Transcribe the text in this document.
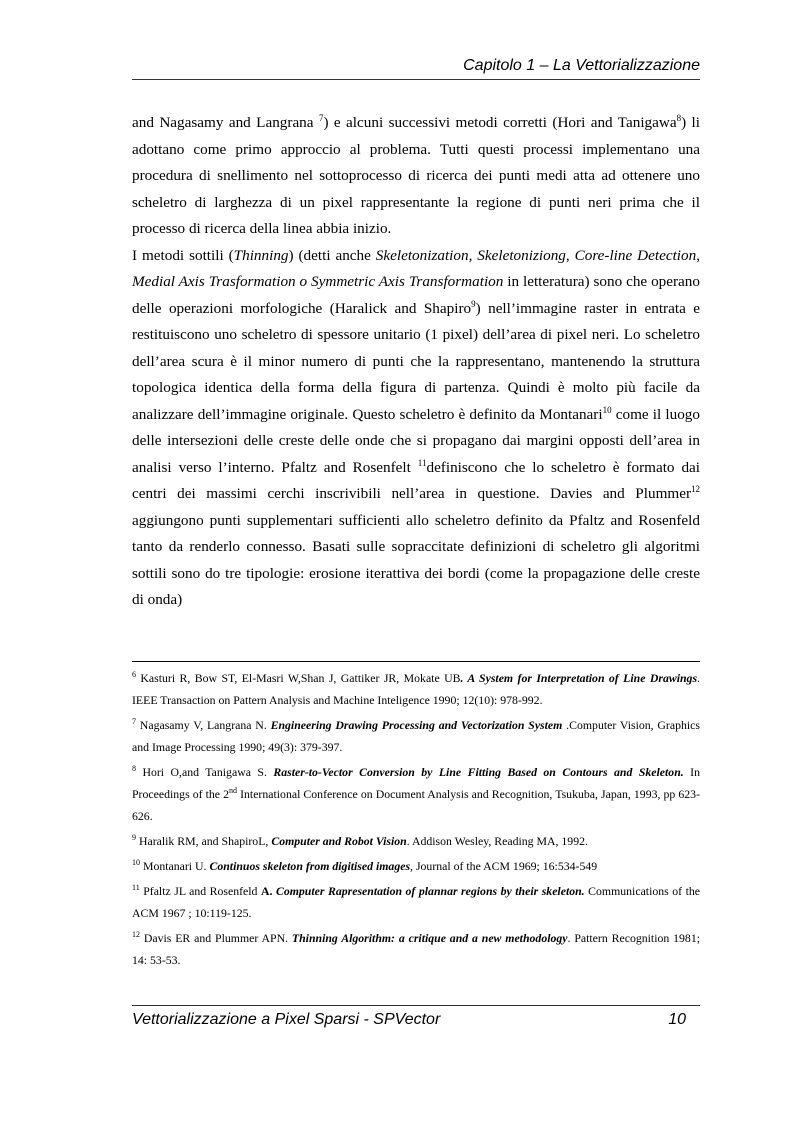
Capitolo 1 – La Vettorializzazione

and Nagasamy and Langrana $^7$) e alcuni successivi metodi corretti (Hori and Tanigawa$^8$) li adottano come primo approccio al problema. Tutti questi processi implementano una procedura di snellimento nel sottoprocesso di ricerca dei punti medi atta ad ottenere uno scheletro di larghezza di un pixel rappresentante la regione di punti neri prima che il processo di ricerca della linea abbia inizio.

I metodi sottili (Thinning) (detti anche Skeletonization, Skeletoniziong, Core-line Detection, Medial Axis Trasformation o Symmetric Axis Transformation in letteratura) sono che operano delle operazioni morfologiche (Haralick and Shapiro$^9$) nell’immagine raster in entrata e restituiscono uno scheletro di spessore unitario (1 pixel) dell’area di pixel neri. Lo scheletro dell’area scura è il minor numero di punti che la rappresentano, mantenendo la struttura topologica identica della forma della figura di partenza. Quindi è molto più facile da analizzare dell’immagine originale. Questo scheletro è definito da Montanari$^{10}$ come il luogo delle intersezioni delle creste delle onde che si propagano dai margini opposti dell’area in analisi verso l’interno. Pfaltz and Rosenfelt $^{11}$definiscono che lo scheletro è formato dai centri dei massimi cerchi inscrivibili nell’area in questione. Davies and Plummer$^{12}$ aggiungono punti supplementari sufficienti allo scheletro definito da Pfaltz and Rosenfeld tanto da renderlo connesso. Basati sulle sopraccitate definizioni di scheletro gli algoritmi sottili sono do tre tipologie: erosione iterattiva dei bordi (come la propagazione delle creste di onda)

$^6$ Kasturi R, Bow ST, El-Masri W,Shan J, Gattiker JR, Mokate UB. A System for Interpretation of Line Drawings. IEEE Transaction on Pattern Analysis and Machine Inteligence 1990; 12(10): 978-992.
$^7$ Nagasamy V, Langrana N. Engineering Drawing Processing and Vectorization System .Computer Vision, Graphics and Image Processing 1990; 49(3): 379-397.
$^8$ Hori O,and Tanigawa S. Raster-to-Vector Conversion by Line Fitting Based on Contours and Skeleton. In Proceedings of the 2nd International Conference on Document Analysis and Recognition, Tsukuba, Japan, 1993, pp 623-626.
$^9$ Haralik RM, and ShapiroL, Computer and Robot Vision. Addison Wesley, Reading MA, 1992.
$^{10}$ Montanari U. Continuos skeleton from digitised images, Journal of the ACM 1969; 16:534-549
$^{11}$ Pfaltz JL and Rosenfeld A. Computer Rapresentation of plannar regions by their skeleton. Communications of the ACM 1967 ; 10:119-125.
$^{12}$ Davis ER and Plummer APN. Thinning Algorithm: a critique and a new methodology. Pattern Recognition 1981; 14: 53-53.
Vettorializzazione a Pixel Sparsi - SPVector	10
